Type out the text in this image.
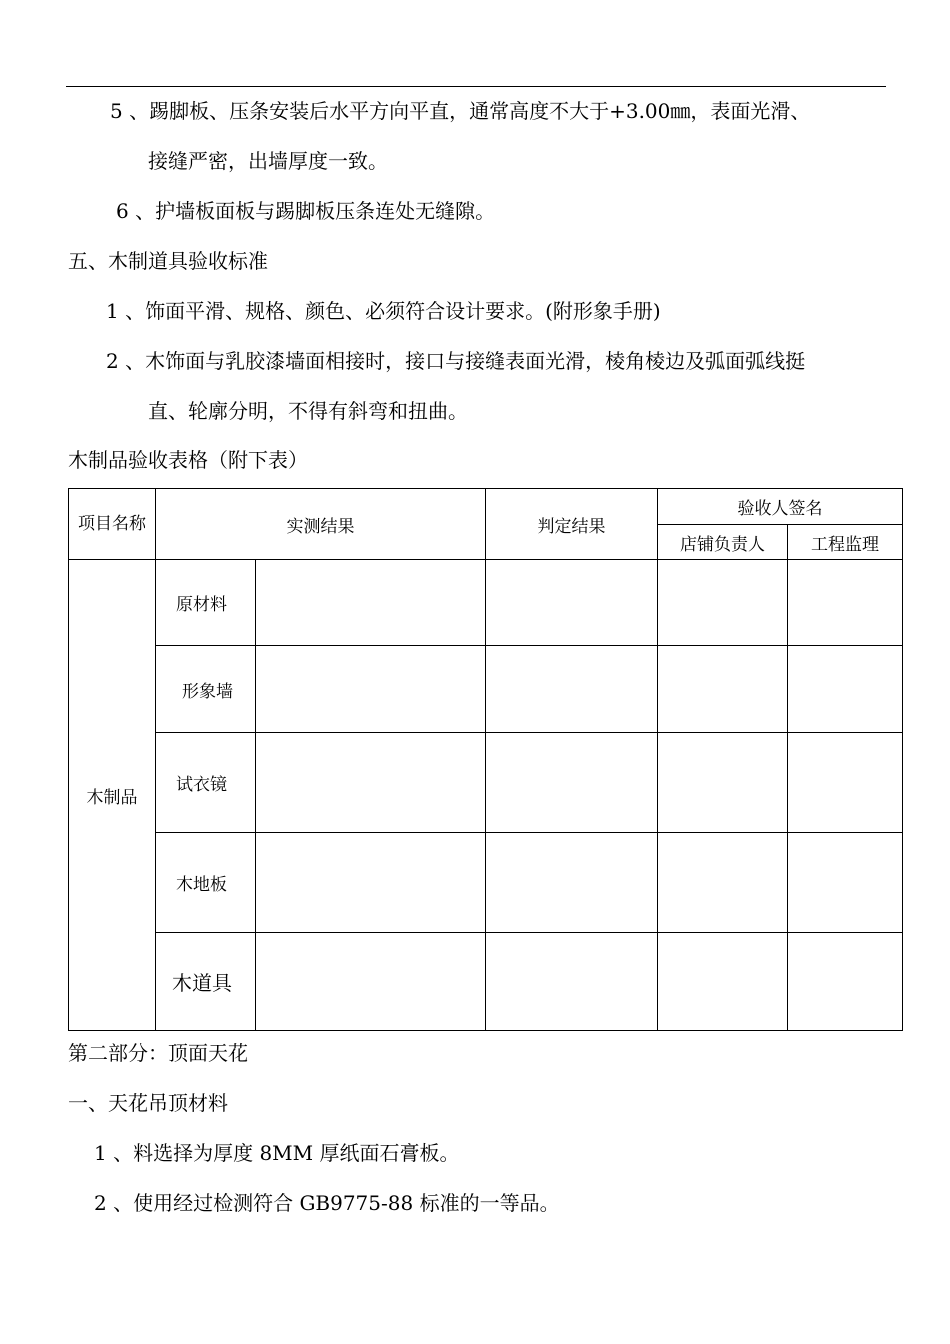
5 、踢脚板、压条安装后水平方向平直，通常高度不大于+3.00㎜，表面光滑、
接缝严密，出墙厚度一致。
6 、护墙板面板与踢脚板压条连处无缝隙。
五、木制道具验收标准
1 、饰面平滑、规格、颜色、必须符合设计要求。(附形象手册)
2 、木饰面与乳胶漆墙面相接时，接口与接缝表面光滑，棱角棱边及弧面弧线挺
直、轮廓分明，不得有斜弯和扭曲。
木制品验收表格（附下表）
项目名称	实测结果		判定结果	验收人签名	
				店铺负责人	工程监理
木制品	原材料				
	形象墙				
	试衣镜				
	木地板				
	木道具				
第二部分：顶面天花
一、天花吊顶材料
1 、料选择为厚度 8MM 厚纸面石膏板。
2 、使用经过检测符合 GB9775-88 标准的一等品。
